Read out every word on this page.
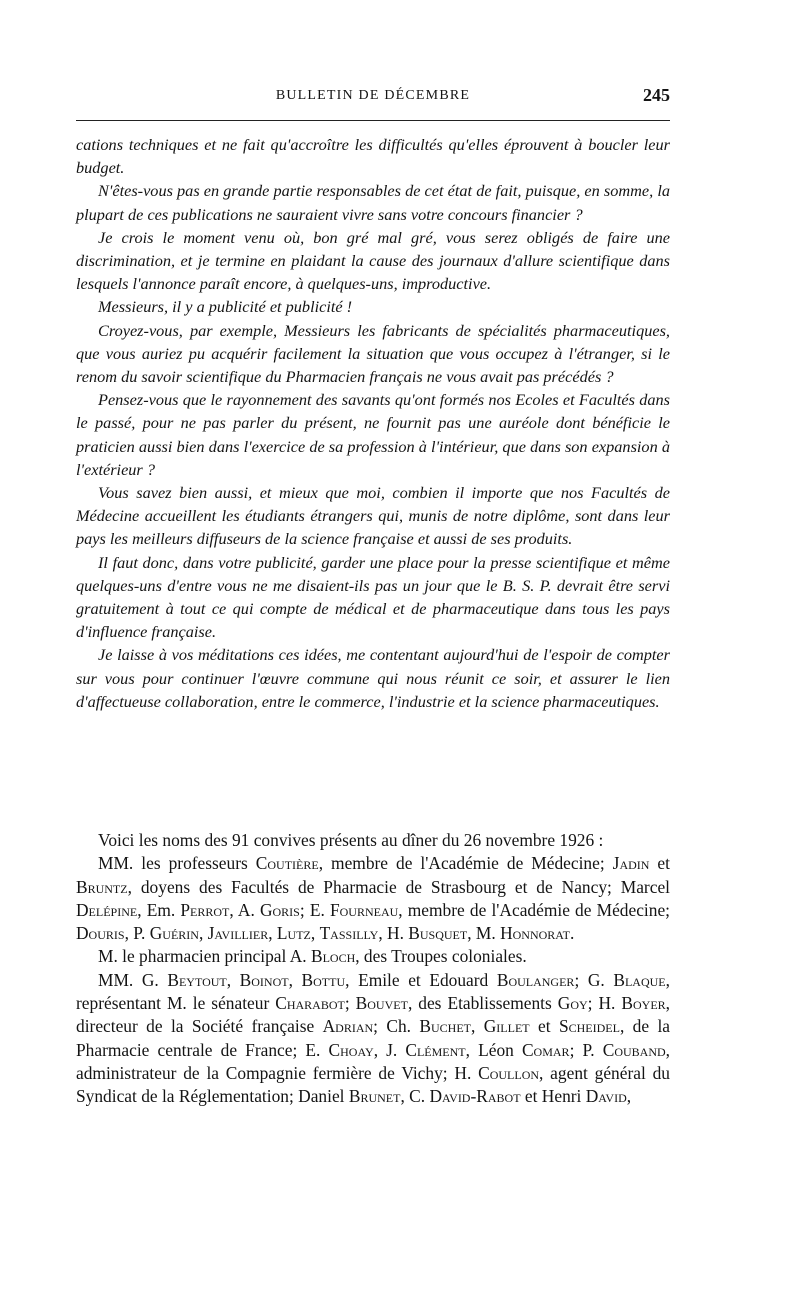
BULLETIN DE DÉCEMBRE	245

cations techniques et ne fait qu'accroître les difficultés qu'elles éprouvent à boucler leur budget.

N'êtes-vous pas en grande partie responsables de cet état de fait, puisque, en somme, la plupart de ces publications ne sauraient vivre sans votre concours financier ?

Je crois le moment venu où, bon gré mal gré, vous serez obligés de faire une discrimination, et je termine en plaidant la cause des journaux d'allure scientifique dans lesquels l'annonce paraît encore, à quelques-uns, improductive.

Messieurs, il y a publicité et publicité !

Croyez-vous, par exemple, Messieurs les fabricants de spécialités pharmaceutiques, que vous auriez pu acquérir facilement la situation que vous occupez à l'étranger, si le renom du savoir scientifique du Pharmacien français ne vous avait pas précédés ?

Pensez-vous que le rayonnement des savants qu'ont formés nos Ecoles et Facultés dans le passé, pour ne pas parler du présent, ne fournit pas une auréole dont bénéficie le praticien aussi bien dans l'exercice de sa profession à l'intérieur, que dans son expansion à l'extérieur ?

Vous savez bien aussi, et mieux que moi, combien il importe que nos Facultés de Médecine accueillent les étudiants étrangers qui, munis de notre diplôme, sont dans leur pays les meilleurs diffuseurs de la science française et aussi de ses produits.

Il faut donc, dans votre publicité, garder une place pour la presse scientifique et même quelques-uns d'entre vous ne me disaient-ils pas un jour que le B. S. P. devrait être servi gratuitement à tout ce qui compte de médical et de pharmaceutique dans tous les pays d'influence française.

Je laisse à vos méditations ces idées, me contentant aujourd'hui de l'espoir de compter sur vous pour continuer l'œuvre commune qui nous réunit ce soir, et assurer le lien d'affectueuse collaboration, entre le commerce, l'industrie et la science pharmaceutiques.

Voici les noms des 91 convives présents au dîner du 26 novembre 1926 :

MM. les professeurs Coutière, membre de l'Académie de Médecine; Jadin et Bruntz, doyens des Facultés de Pharmacie de Strasbourg et de Nancy; Marcel Delépine, Em. Perrot, A. Goris; E. Fourneau, membre de l'Académie de Médecine; Douris, P. Guérin, Javillier, Lutz, Tassilly, H. Busquet, M. Honnorat.

M. le pharmacien principal A. Bloch, des Troupes coloniales.

MM. G. Beytout, Boinot, Bottu, Emile et Edouard Boulanger; G. Blaque, représentant M. le sénateur Charabot; Bouvet, des Etablissements Goy; H. Boyer, directeur de la Société française Adrian; Ch. Buchet, Gillet et Scheidel, de la Pharmacie centrale de France; E. Choay, J. Clément, Léon Comar; P. Couband, administrateur de la Compagnie fermière de Vichy; H. Coullon, agent général du Syndicat de la Réglementation; Daniel Brunet, C. David-Rabot et Henri David,
